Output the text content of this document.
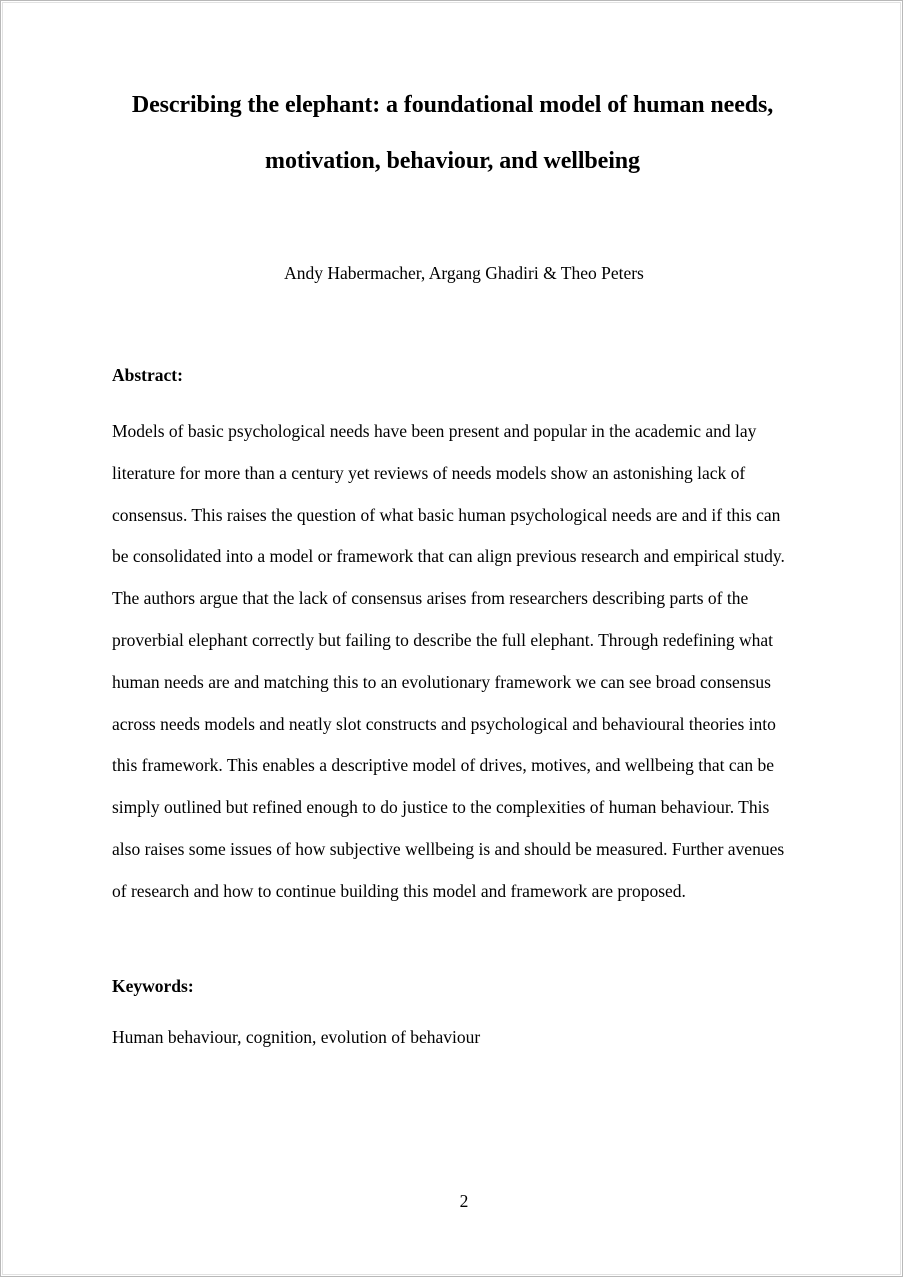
Describing the elephant: a foundational model of human needs,
motivation, behaviour, and wellbeing
Andy Habermacher, Argang Ghadiri & Theo Peters
Abstract:
Models of basic psychological needs have been present and popular in the academic and lay
literature for more than a century yet reviews of needs models show an astonishing lack of
consensus. This raises the question of what basic human psychological needs are and if this can
be consolidated into a model or framework that can align previous research and empirical study.
The authors argue that the lack of consensus arises from researchers describing parts of the
proverbial elephant correctly but failing to describe the full elephant. Through redefining what
human needs are and matching this to an evolutionary framework we can see broad consensus
across needs models and neatly slot constructs and psychological and behavioural theories into
this framework. This enables a descriptive model of drives, motives, and wellbeing that can be
simply outlined but refined enough to do justice to the complexities of human behaviour. This
also raises some issues of how subjective wellbeing is and should be measured. Further avenues
of research and how to continue building this model and framework are proposed.
Keywords:
Human behaviour, cognition, evolution of behaviour
2
